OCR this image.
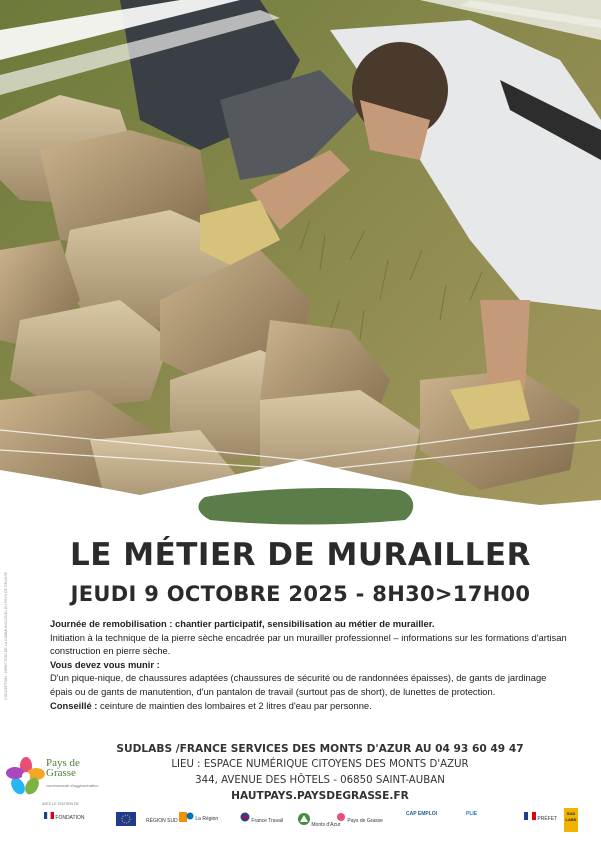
CONCEPTION : DIRECTION DE LA COMMUNICATION DU PAYS DE GRASSE
LE MÉTIER DE MURAILLER
JEUDI 9 OCTOBRE 2025 - 8H30>17H00

Journée de remobilisation : chantier participatif, sensibilisation au métier de murailler.

Initiation à la technique de la pierre sèche encadrée par un murailler professionnel – informations sur les formations d'artisan construction en pierre sèche.

Vous devez vous munir :

D'un pique-nique, de chaussures adaptées (chaussures de sécurité ou de randonnées épaisses), de gants de jardinage épais ou de gants de manutention, d'un pantalon de travail (surtout pas de short), de lunettes de protection.

Conseillé : ceinture de maintien des lombaires et 2 litres d'eau par personne.

Pays de Grasse
communauté d'agglomération
SUDLABS /FRANCE SERVICES DES MONTS D'AZUR AU 04 93 60 49 47
LIEU : ESPACE NUMÉRIQUE CITOYENS DES MONTS D'AZUR
344, AVENUE DES HÔTELS - 06850 SAINT-AUBAN
HAUTPAYS.PAYSDEGRASSE.FR
AVEC LE SOUTIEN DE
FONDATION	RÉGION SUD	La Région	France Travail
Monts d'Azur
Pays de Grasse
CAP EMPLOI	PLIE
PRÉFET
SUD LABS
